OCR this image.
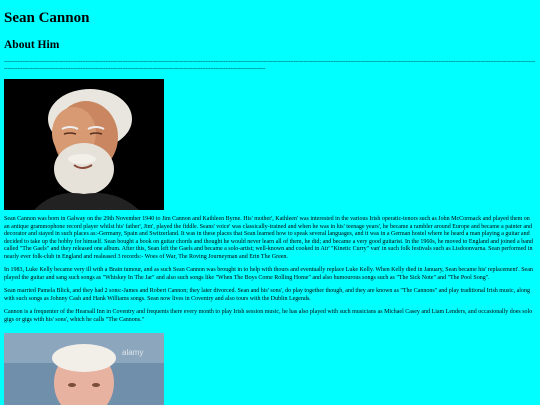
Sean Cannon
About Him
--------------------------------------------------------------------------------------------------------------------------------------------------------------------------------------------------------------------------------------------------------------------------------------------------------------------------------------------------------------------------------------------------------------------------------------------------------------------------------------------

Sean Cannon was born in Galway on the 29th November 1940 to Jim Cannon and Kathleen Byrne. His' mother', Kathleen' was interested in the various Irish operatic-tenors such as John McCormack and played them on an antique grammophone record player whilst his' father', Jim', played the fiddle. Seans' voice' was classically-trained and when he was in his' teenage years', he became a rambler around Europe and became a painter and decorator and stayed in such places as:-Germany, Spain and Switzerland. It was in these places that Sean learned how to speak several languages, and it was in a German hostel where he heard a man playing a guitar and decided to take up the hobby for himself. Sean bought a book on guitar chords and thought he would never learn all of them, he did; and became a very good guitarist. In the 1960s, he moved to England and joined a band called "The Gaels" and they released one album. After this, Sean left the Gaels and became a solo-artist; well-known and cooked in Air' "Kinetic Curry" van' in such folk festivals such as Lisdoonvarna. Sean performed in nearly ever folk-club in England and realeased 3 records:- Woes of War, The Roving Journeyman and Erin The Green.

In 1983, Luke Kelly became very ill with a Brain tumour, and as such Sean Cannon was brought in to help with thours and eventually replace Luke Kelly. When Kelly died in January, Sean became his' replacement'. Sean played the guitar and sang such songs as "Whiskey In The Jar" and also such songs like "When The Boys Come Rolling Home" and also humourous songs such as "The Sick Note" and "The Pool Song".

Sean married Pamela Blick, and they had 2 sons:-James and Robert Cannon; they later divorced. Sean and his' sons', do play together though, and they are known as "The Cannons" and play traditional Irish music, along with such songs as Johnny Cash and Hank Williams songs. Sean now lives in Coventry and also tours with the Dublin Legends.

Cannon is a frequenter of the Hearsall Inn in Coventry and frequents there every month to play Irish session music, he has also played with such musicians as Michael Casey and Liam Lenders, and occasionally does solo gigs or gigs with his' sons', which he calls "The Cannons."

alamy
